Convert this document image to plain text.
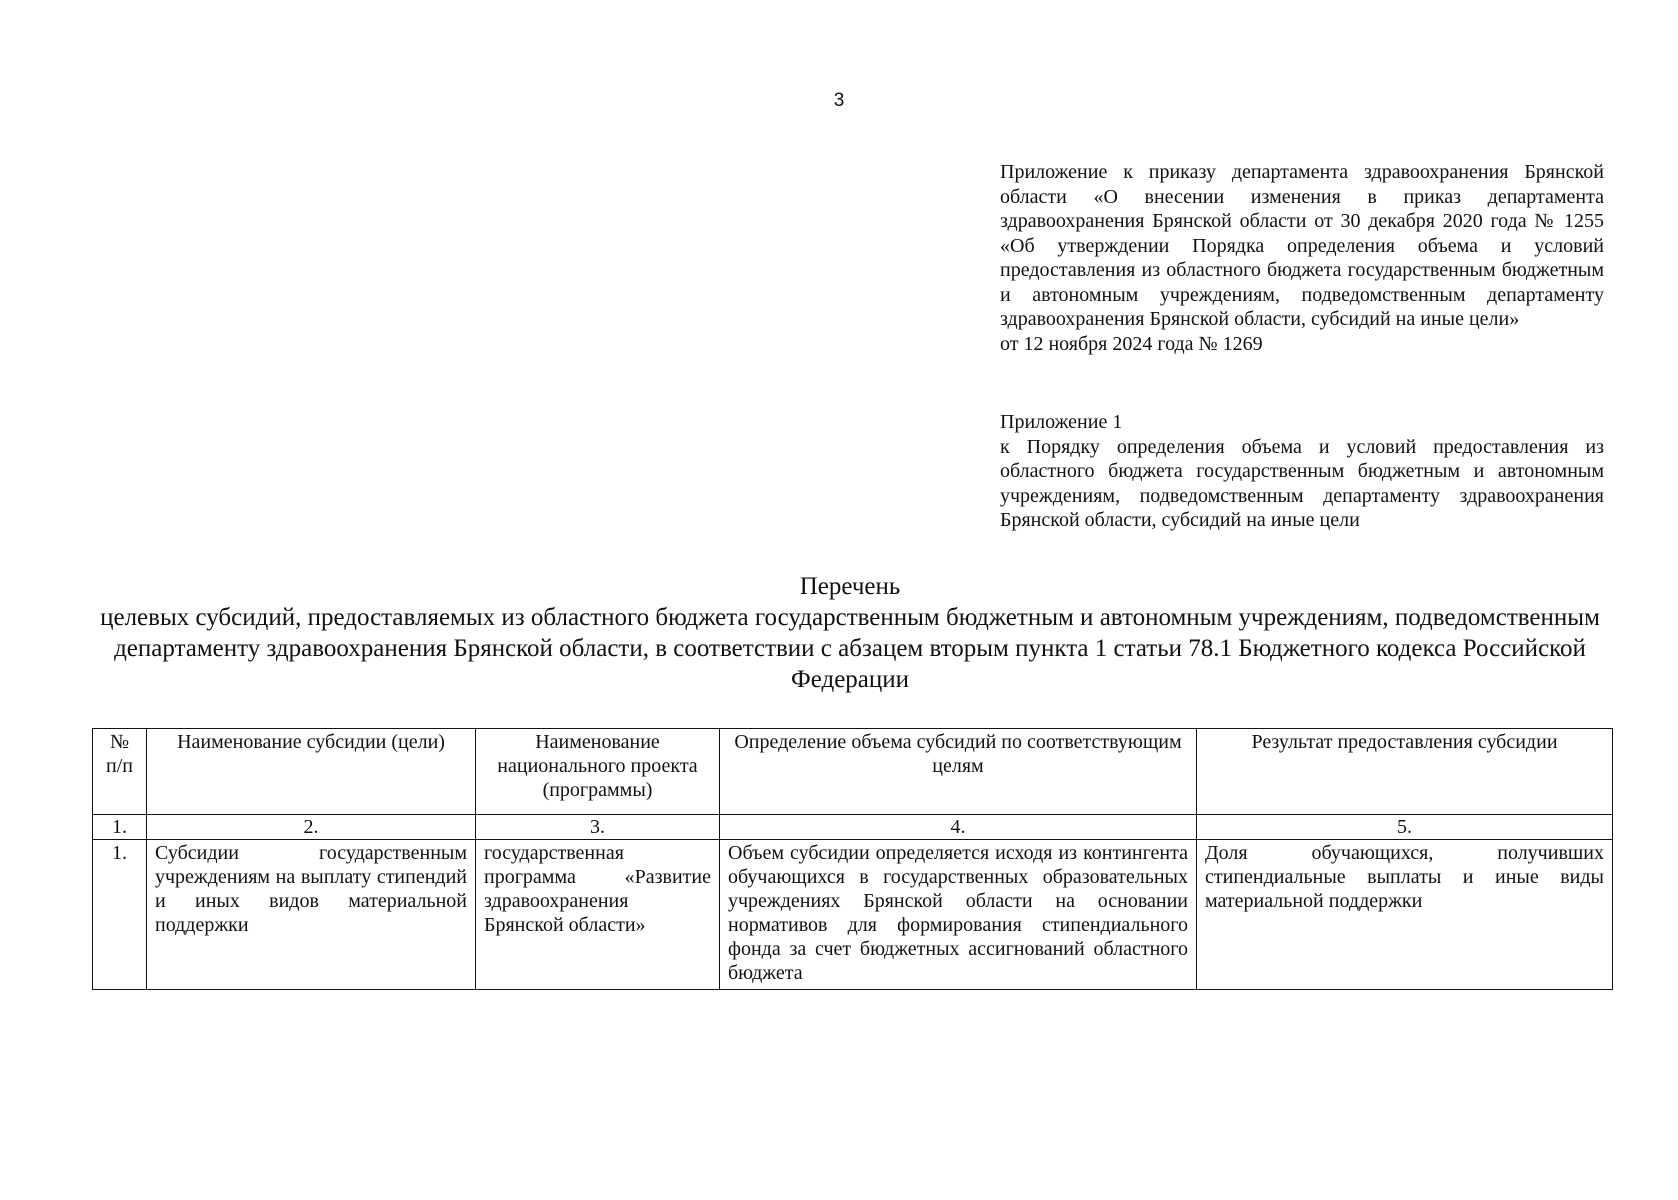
3
Приложение к приказу департамента здравоохранения Брянской области «О внесении изменения в приказ департамента здравоохранения Брянской области от 30 декабря 2020 года № 1255 «Об утверждении Порядка определения объема и условий предоставления из областного бюджета государственным бюджетным и автономным учреждениям, подведомственным департаменту здравоохранения Брянской области, субсидий на иные цели»
от 12 ноября 2024 года № 1269
Приложение 1
к Порядку определения объема и условий предоставления из областного бюджета государственным бюджетным и автономным учреждениям, подведомственным департаменту здравоохранения Брянской области, субсидий на иные цели
Перечень
целевых субсидий, предоставляемых из областного бюджета государственным бюджетным и автономным учреждениям, подведомственным департаменту здравоохранения Брянской области, в соответствии с абзацем вторым пункта 1 статьи 78.1 Бюджетного кодекса Российской Федерации
№ п/п	Наименование субсидии (цели)	Наименование национального проекта (программы)	Определение объема субсидий по соответствующим целям	Результат предоставления субсидии
1.	2.	3.	4.	5.
1.	Субсидии государственным учреждениям на выплату стипендий и иных видов материальной поддержки	государственная программа «Развитие здравоохранения Брянской области»	Объем субсидии определяется исходя из контингента обучающихся в государственных образовательных учреждениях Брянской области на основании нормативов для формирования стипендиального фонда за счет бюджетных ассигнований областного бюджета	Доля обучающихся, получивших стипендиальные выплаты и иные виды материальной поддержки
